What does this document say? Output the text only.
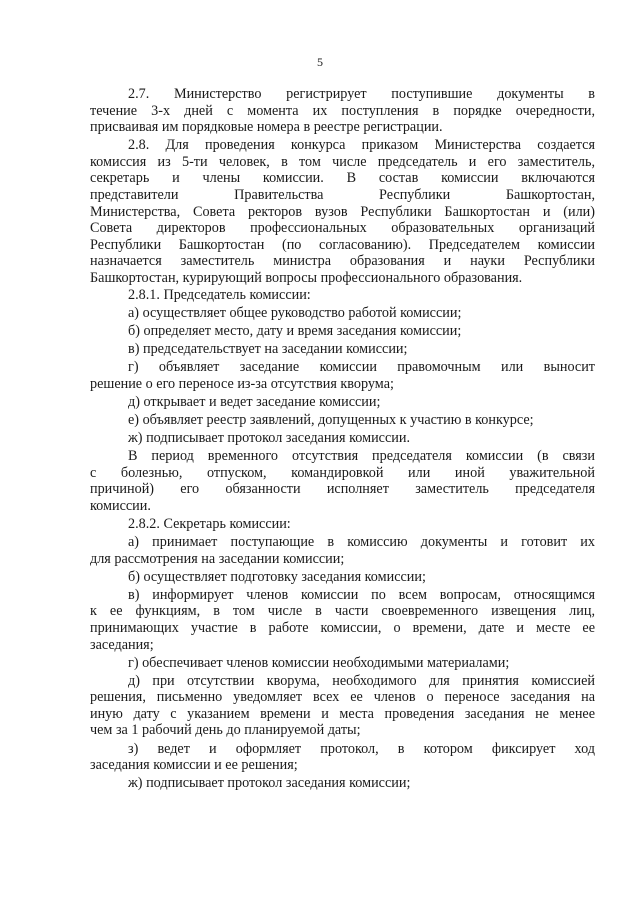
5

2.7. Министерство регистрирует поступившие документы в
течение 3-х дней с момента их поступления в порядке очередности,
присваивая им порядковые номера в реестре регистрации.

2.8. Для проведения конкурса приказом Министерства создается
комиссия из 5-ти человек, в том числе председатель и его заместитель,
секретарь и члены комиссии. В состав комиссии включаются
представители Правительства Республики Башкортостан,
Министерства, Совета ректоров вузов Республики Башкортостан и (или)
Совета директоров профессиональных образовательных организаций
Республики Башкортостан (по согласованию). Председателем комиссии
назначается заместитель министра образования и науки Республики
Башкортостан, курирующий вопросы профессионального образования.

2.8.1. Председатель комиссии:

а) осуществляет общее руководство работой комиссии;

б) определяет место, дату и время заседания комиссии;

в) председательствует на заседании комиссии;

г) объявляет заседание комиссии правомочным или выносит
решение о его переносе из-за отсутствия кворума;

д) открывает и ведет заседание комиссии;

е) объявляет реестр заявлений, допущенных к участию в конкурсе;

ж) подписывает протокол заседания комиссии.

В период временного отсутствия председателя комиссии (в связи
с болезнью, отпуском, командировкой или иной уважительной
причиной) его обязанности исполняет заместитель председателя
комиссии.

2.8.2. Секретарь комиссии:

а) принимает поступающие в комиссию документы и готовит их
для рассмотрения на заседании комиссии;

б) осуществляет подготовку заседания комиссии;

в) информирует членов комиссии по всем вопросам, относящимся
к ее функциям, в том числе в части своевременного извещения лиц,
принимающих участие в работе комиссии, о времени, дате и месте ее
заседания;

г) обеспечивает членов комиссии необходимыми материалами;

д) при отсутствии кворума, необходимого для принятия комиссией
решения, письменно уведомляет всех ее членов о переносе заседания на
иную дату с указанием времени и места проведения заседания не менее
чем за 1 рабочий день до планируемой даты;

з) ведет и оформляет протокол, в котором фиксирует ход
заседания комиссии и ее решения;

ж) подписывает протокол заседания комиссии;
